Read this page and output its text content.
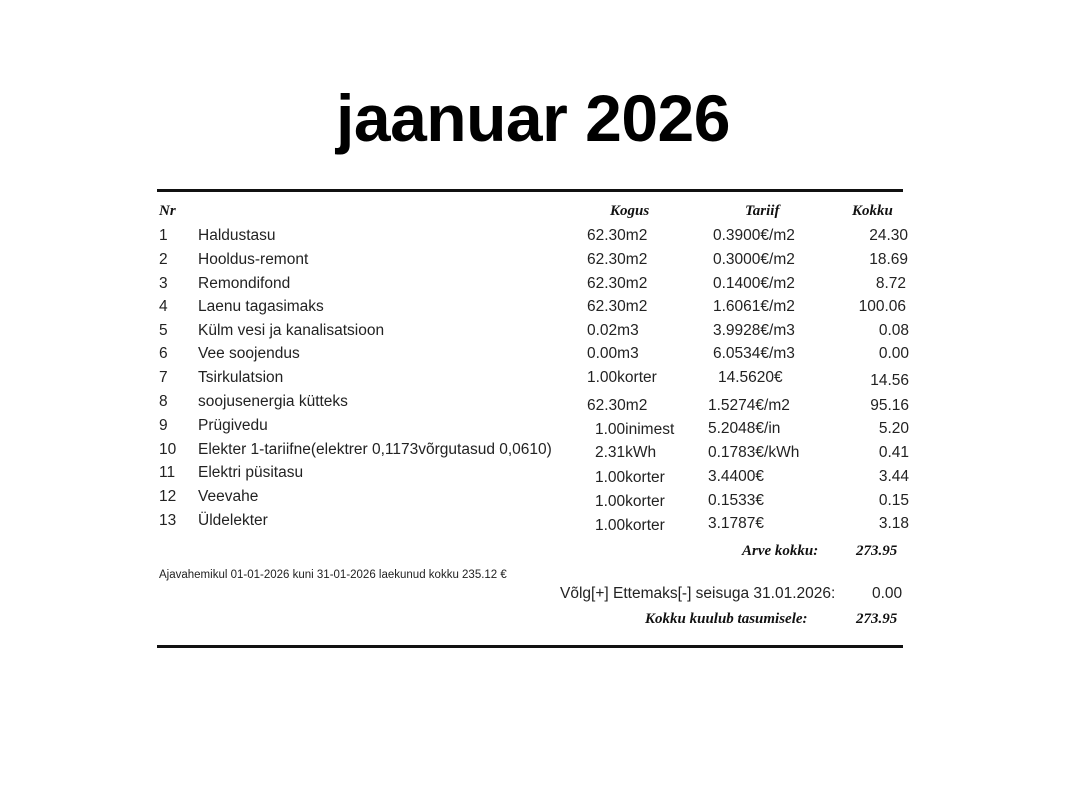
jaanuar 2026
Nr	Kogus	Tariif	Kokku
1 Haldustasu	62.30m2	0.3900€/m2	24.30
2 Hooldus-remont	62.30m2	0.3000€/m2	18.69
3 Remondifond	62.30m2	0.1400€/m2	8.72
4 Laenu tagasimaks	62.30m2	1.6061€/m2	100.06
5 Külm vesi ja kanalisatsioon	0.02m3	3.9928€/m3	0.08
6 Vee soojendus	0.00m3	6.0534€/m3	0.00
7 Tsirkulatsion	1.00korter	14.5620€	14.56
8 soojusenergia kütteks	62.30m2	1.5274€/m2	95.16
9 Prügivedu	1.00inimest 5.2048€/in	5.20
10 Elekter 1-tariifne(elektrer 0,1173võrgutasud 0,0610)	2.31kWh	0.1783€/kWh	0.41
11 Elektri püsitasu	1.00korter	3.4400€	3.44
12 Veevahe	1.00korter	0.1533€	0.15
13 Üldelekter	1.00korter	3.1787€	3.18
Arve kokku:	273.95
Ajavahemikul 01-01-2026 kuni 31-01-2026 laekunud kokku 235.12 €
Võlg[+] Ettemaks[-] seisuga 31.01.2026: 0.00
Kokku kuulub tasumisele:	273.95
